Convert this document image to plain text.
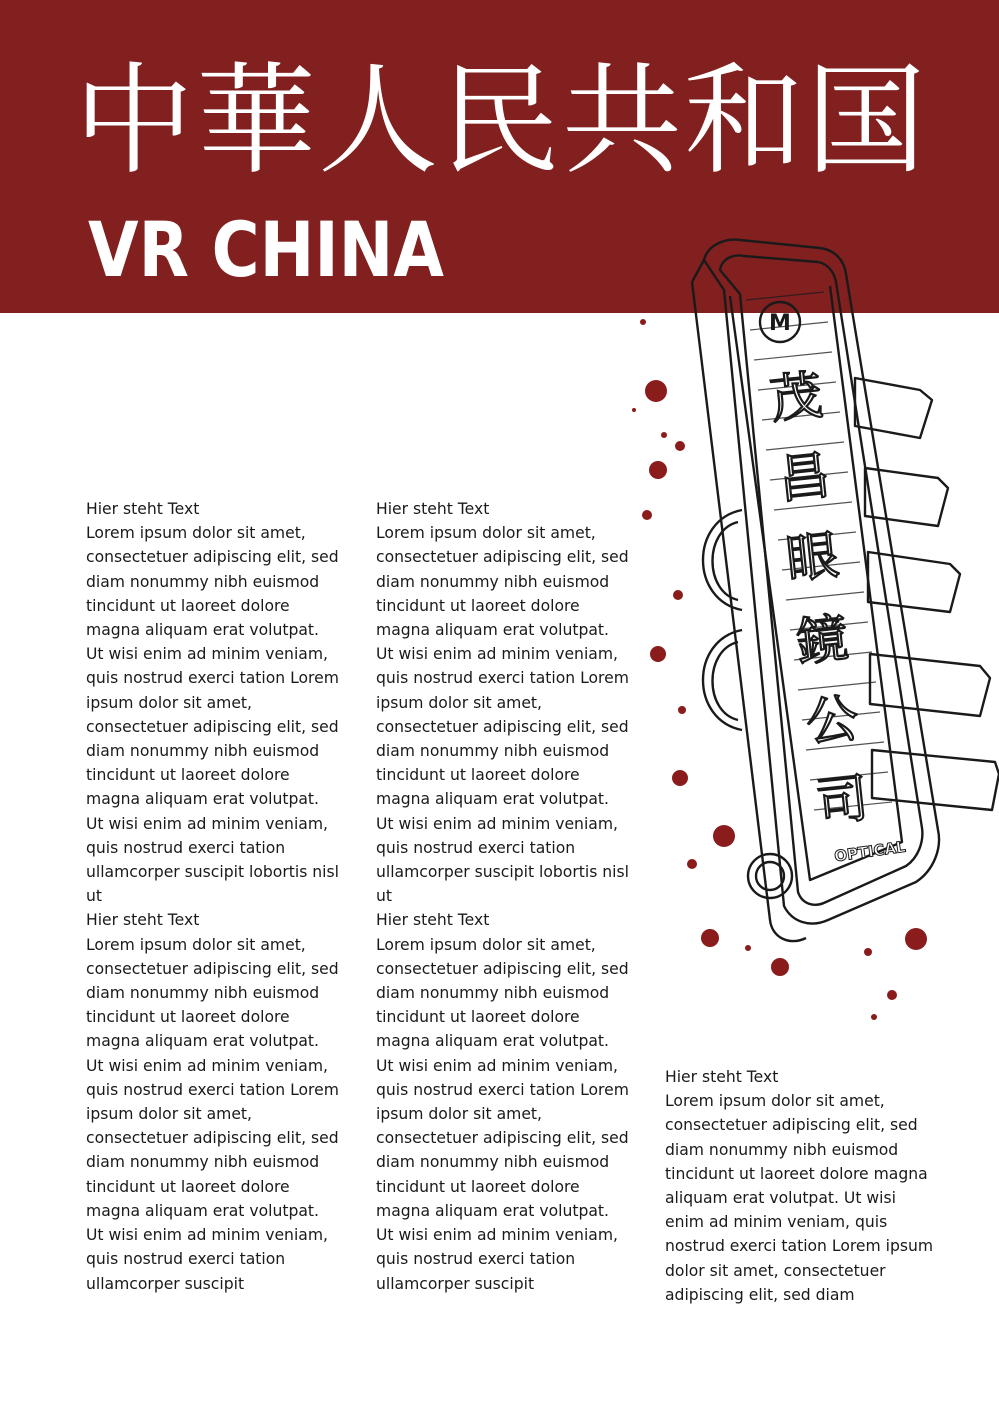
中華人民共和国
VR CHINA
M
茂
昌
眼
鏡
公
司
OPTICAL

Hier steht Text

Lorem ipsum dolor sit amet, consectetuer adipiscing elit, sed diam nonummy nibh euismod tincidunt ut laoreet dolore magna aliquam erat volutpat. Ut wisi enim ad minim veniam, quis nostrud exerci tation Lorem ipsum dolor sit amet, consectetuer adipiscing elit, sed diam nonummy nibh euismod tincidunt ut laoreet dolore magna aliquam erat volutpat. Ut wisi enim ad minim veniam, quis nostrud exerci tation ullamcorper suscipit lobortis nisl ut

Hier steht Text

Lorem ipsum dolor sit amet, consectetuer adipiscing elit, sed diam nonummy nibh euismod tincidunt ut laoreet dolore magna aliquam erat volutpat. Ut wisi enim ad minim veniam, quis nostrud exerci tation Lorem ipsum dolor sit amet, consectetuer adipiscing elit, sed diam nonummy nibh euismod tincidunt ut laoreet dolore magna aliquam erat volutpat. Ut wisi enim ad minim veniam, quis nostrud exerci tation ullamcorper suscipit

Hier steht Text

Lorem ipsum dolor sit amet, consectetuer adipiscing elit, sed diam nonummy nibh euismod tincidunt ut laoreet dolore magna aliquam erat volutpat. Ut wisi enim ad minim veniam, quis nostrud exerci tation Lorem ipsum dolor sit amet, consectetuer adipiscing elit, sed diam nonummy nibh euismod tincidunt ut laoreet dolore magna aliquam erat volutpat. Ut wisi enim ad minim veniam, quis nostrud exerci tation ullamcorper suscipit lobortis nisl ut

Hier steht Text

Lorem ipsum dolor sit amet, consectetuer adipiscing elit, sed diam nonummy nibh euismod tincidunt ut laoreet dolore magna aliquam erat volutpat. Ut wisi enim ad minim veniam, quis nostrud exerci tation Lorem ipsum dolor sit amet, consectetuer adipiscing elit, sed diam nonummy nibh euismod tincidunt ut laoreet dolore magna aliquam erat volutpat. Ut wisi enim ad minim veniam, quis nostrud exerci tation ullamcorper suscipit

Hier steht Text

Lorem ipsum dolor sit amet, consectetuer adipiscing elit, sed diam nonummy nibh euismod tincidunt ut laoreet dolore magna aliquam erat volutpat. Ut wisi enim ad minim veniam, quis nostrud exerci tation Lorem ipsum dolor sit amet, consectetuer adipiscing elit, sed diam
